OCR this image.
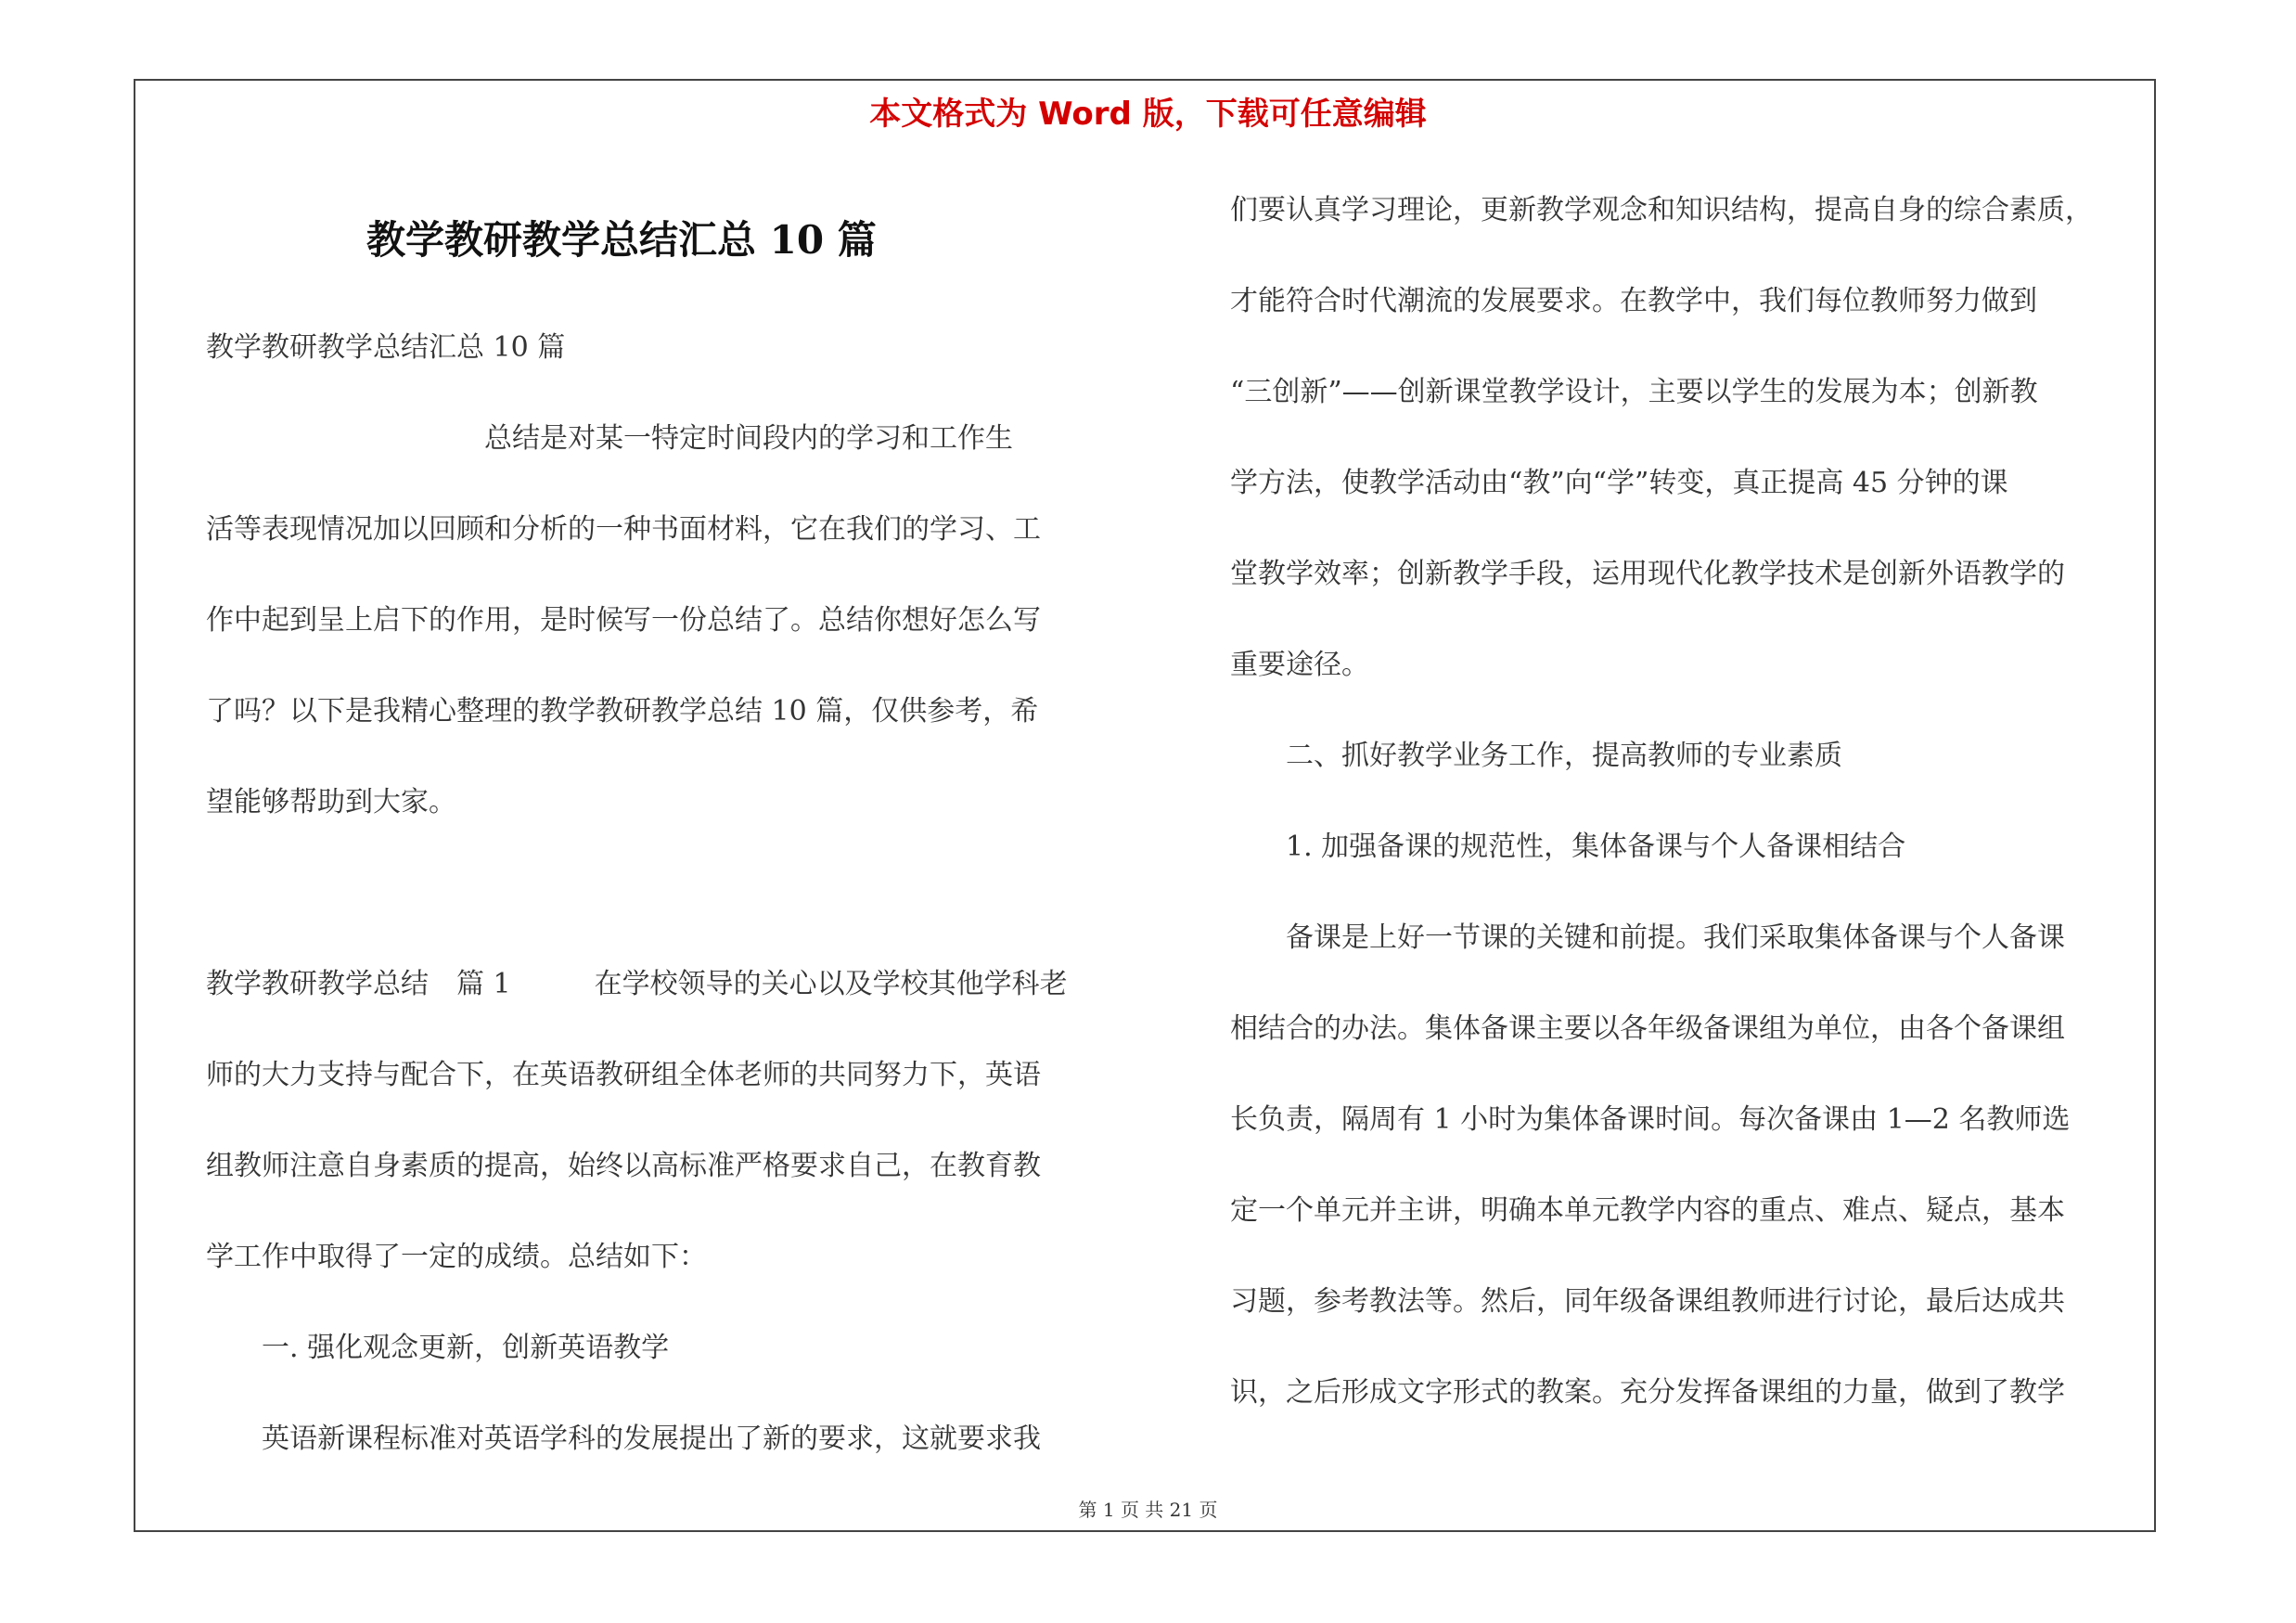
本文格式为 Word 版，下载可任意编辑
教学教研教学总结汇总 10 篇

教学教研教学总结汇总 10 篇

　　　　　　　　　　总结是对某一特定时间段内的学习和工作生

活等表现情况加以回顾和分析的一种书面材料，它在我们的学习、工

作中起到呈上启下的作用，是时候写一份总结了。总结你想好怎么写

了吗？以下是我精心整理的教学教研教学总结 10 篇，仅供参考，希

望能够帮助到大家。

教学教研教学总结　篇 1　　　在学校领导的关心以及学校其他学科老

师的大力支持与配合下，在英语教研组全体老师的共同努力下，英语

组教师注意自身素质的提高，始终以高标准严格要求自己，在教育教

学工作中取得了一定的成绩。总结如下：

　　一. 强化观念更新，创新英语教学

　　英语新课程标准对英语学科的发展提出了新的要求，这就要求我

们要认真学习理论，更新教学观念和知识结构，提高自身的综合素质，

才能符合时代潮流的发展要求。在教学中，我们每位教师努力做到

“三创新”——创新课堂教学设计，主要以学生的发展为本；创新教

学方法，使教学活动由“教”向“学”转变，真正提高 45 分钟的课

堂教学效率；创新教学手段，运用现代化教学技术是创新外语教学的

重要途径。

　　二、抓好教学业务工作，提高教师的专业素质

　　1. 加强备课的规范性，集体备课与个人备课相结合

　　备课是上好一节课的关键和前提。我们采取集体备课与个人备课

相结合的办法。集体备课主要以各年级备课组为单位，由各个备课组

长负责，隔周有 1 小时为集体备课时间。每次备课由 1—2 名教师选

定一个单元并主讲，明确本单元教学内容的重点、难点、疑点，基本

习题，参考教法等。然后，同年级备课组教师进行讨论，最后达成共

识，之后形成文字形式的教案。充分发挥备课组的力量，做到了教学

第 1 页 共 21 页
